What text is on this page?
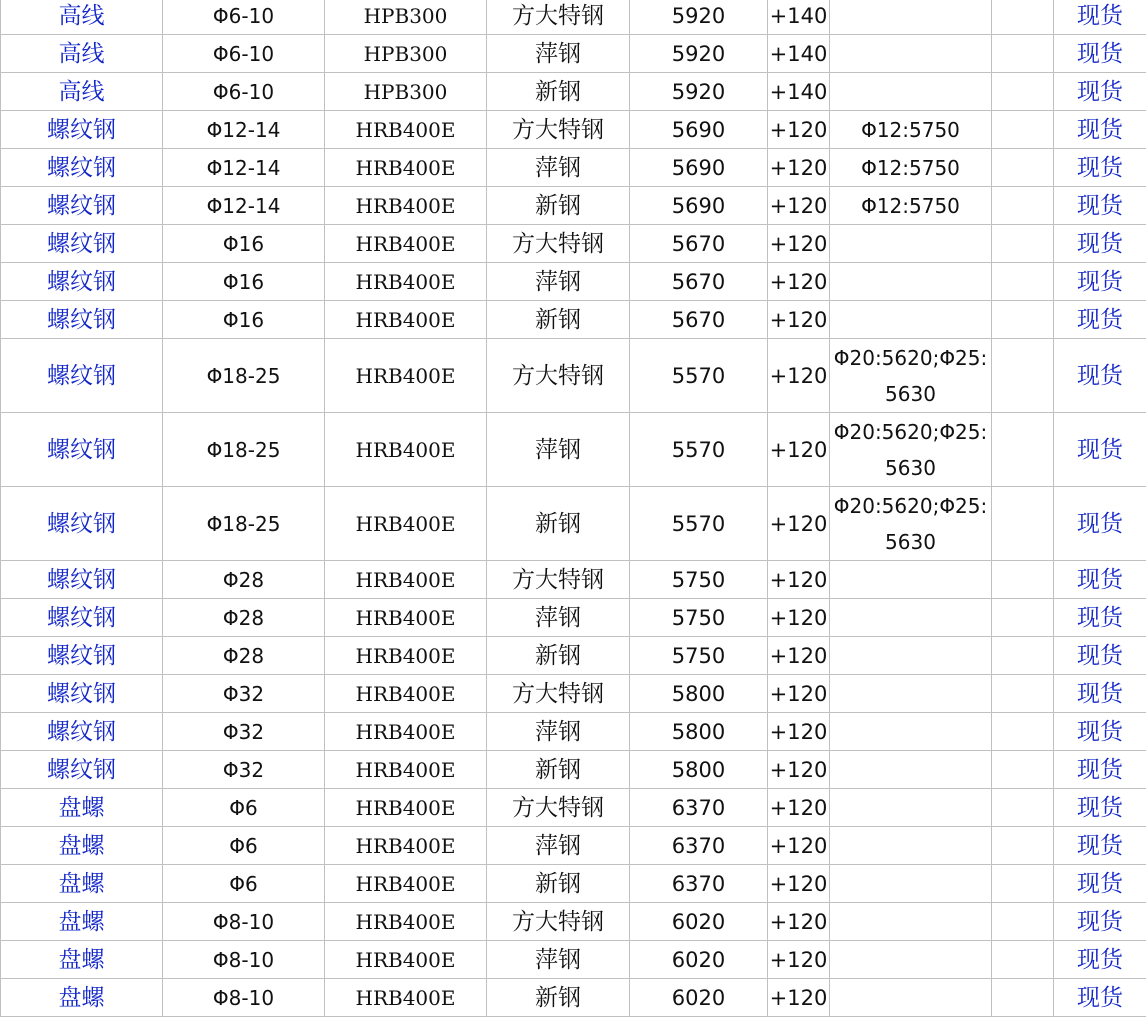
高线	Φ6-10	HPB300	方大特钢	5920	+140			现货
高线	Φ6-10	HPB300	萍钢	5920	+140			现货
高线	Φ6-10	HPB300	新钢	5920	+140			现货
螺纹钢	Φ12-14	HRB400E	方大特钢	5690	+120	Φ12:5750		现货
螺纹钢	Φ12-14	HRB400E	萍钢	5690	+120	Φ12:5750		现货
螺纹钢	Φ12-14	HRB400E	新钢	5690	+120	Φ12:5750		现货
螺纹钢	Φ16	HRB400E	方大特钢	5670	+120			现货
螺纹钢	Φ16	HRB400E	萍钢	5670	+120			现货
螺纹钢	Φ16	HRB400E	新钢	5670	+120			现货
螺纹钢	Φ18-25	HRB400E	方大特钢	5570	+120	Φ20:5620;Φ25:5630		现货
螺纹钢	Φ18-25	HRB400E	萍钢	5570	+120	Φ20:5620;Φ25:5630		现货
螺纹钢	Φ18-25	HRB400E	新钢	5570	+120	Φ20:5620;Φ25:5630		现货
螺纹钢	Φ28	HRB400E	方大特钢	5750	+120			现货
螺纹钢	Φ28	HRB400E	萍钢	5750	+120			现货
螺纹钢	Φ28	HRB400E	新钢	5750	+120			现货
螺纹钢	Φ32	HRB400E	方大特钢	5800	+120			现货
螺纹钢	Φ32	HRB400E	萍钢	5800	+120			现货
螺纹钢	Φ32	HRB400E	新钢	5800	+120			现货
盘螺	Φ6	HRB400E	方大特钢	6370	+120			现货
盘螺	Φ6	HRB400E	萍钢	6370	+120			现货
盘螺	Φ6	HRB400E	新钢	6370	+120			现货
盘螺	Φ8-10	HRB400E	方大特钢	6020	+120			现货
盘螺	Φ8-10	HRB400E	萍钢	6020	+120			现货
盘螺	Φ8-10	HRB400E	新钢	6020	+120			现货
